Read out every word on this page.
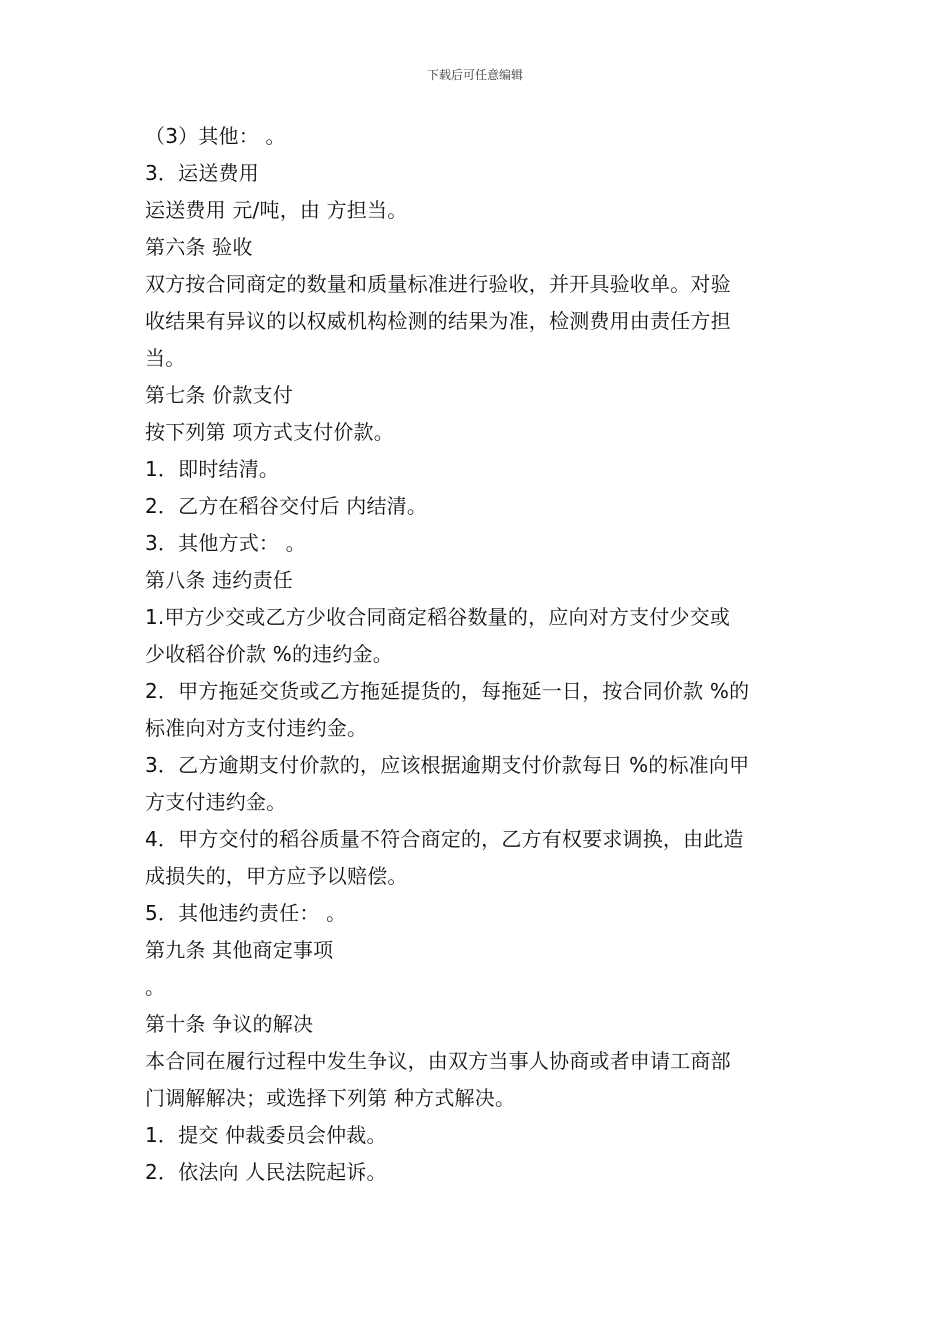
下载后可任意编辑
（3）其他： 。
3．运送费用
运送费用 元/吨，由 方担当。
第六条 验收
双方按合同商定的数量和质量标准进行验收，并开具验收单。对验
收结果有异议的以权威机构检测的结果为准，检测费用由责任方担
当。
第七条 价款支付
按下列第 项方式支付价款。
1．即时结清。
2．乙方在稻谷交付后 内结清。
3．其他方式： 。
第八条 违约责任
1.甲方少交或乙方少收合同商定稻谷数量的，应向对方支付少交或
少收稻谷价款 %的违约金。
2．甲方拖延交货或乙方拖延提货的，每拖延一日，按合同价款 %的
标准向对方支付违约金。
3．乙方逾期支付价款的，应该根据逾期支付价款每日 %的标准向甲
方支付违约金。
4．甲方交付的稻谷质量不符合商定的，乙方有权要求调换，由此造
成损失的，甲方应予以赔偿。
5．其他违约责任： 。
第九条 其他商定事项
。
第十条 争议的解决
本合同在履行过程中发生争议，由双方当事人协商或者申请工商部
门调解解决；或选择下列第 种方式解决。
1．提交 仲裁委员会仲裁。
2．依法向 人民法院起诉。
